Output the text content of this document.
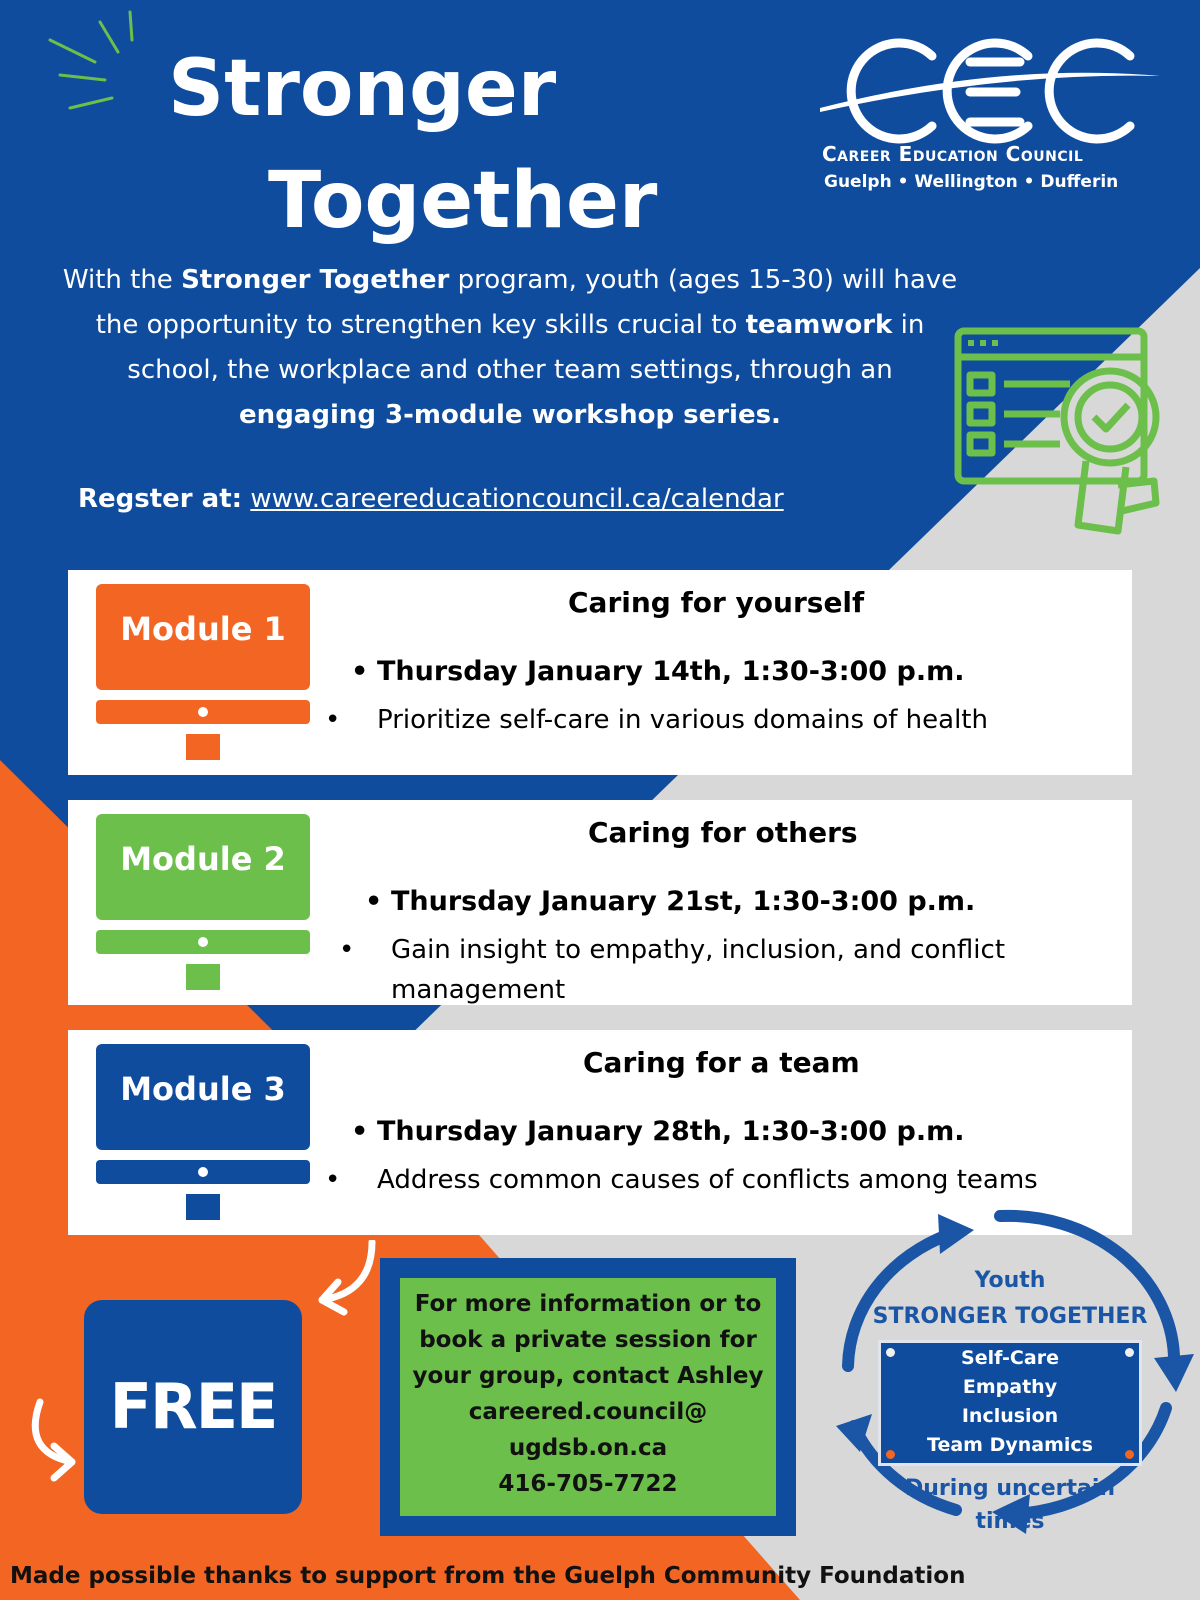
Stronger
Together
Career Education Council
Guelph • Wellington • Dufferin
With the Stronger Together program, youth (ages 15-30) will have the opportunity to strengthen key skills crucial to teamwork in school, the workplace and other team settings, through an engaging 3-module workshop series.
Regster at: www.careereducationcouncil.ca/calendar
Module 1
Caring for yourself
• Thursday January 14th, 1:30-3:00 p.m.
• Prioritize self-care in various domains of health
Module 2
Caring for others
• Thursday January 21st, 1:30-3:00 p.m.
• Gain insight to empathy, inclusion, and conflict management
Module 3
Caring for a team
• Thursday January 28th, 1:30-3:00 p.m.
• Address common causes of conflicts among teams
FREE
For more information or to
book a private session for
your group, contact Ashley
careered.council@
ugdsb.on.ca
416-705-7722
Youth
STRONGER TOGETHER
Self-Care
Empathy
Inclusion
Team Dynamics
During uncertain
times
Made possible thanks to support from the Guelph Community Foundation
